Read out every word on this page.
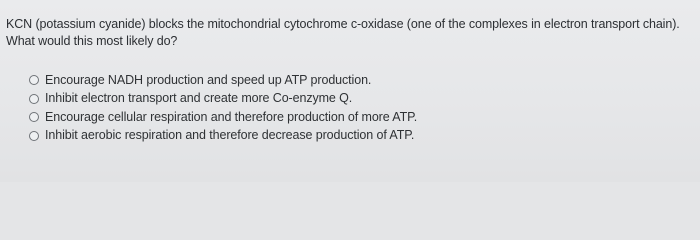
KCN (potassium cyanide) blocks the mitochondrial cytochrome c-oxidase (one of the complexes in electron transport chain). What would this most likely do?

Encourage NADH production and speed up ATP production.
Inhibit electron transport and create more Co-enzyme Q.
Encourage cellular respiration and therefore production of more ATP.
Inhibit aerobic respiration and therefore decrease production of ATP.
